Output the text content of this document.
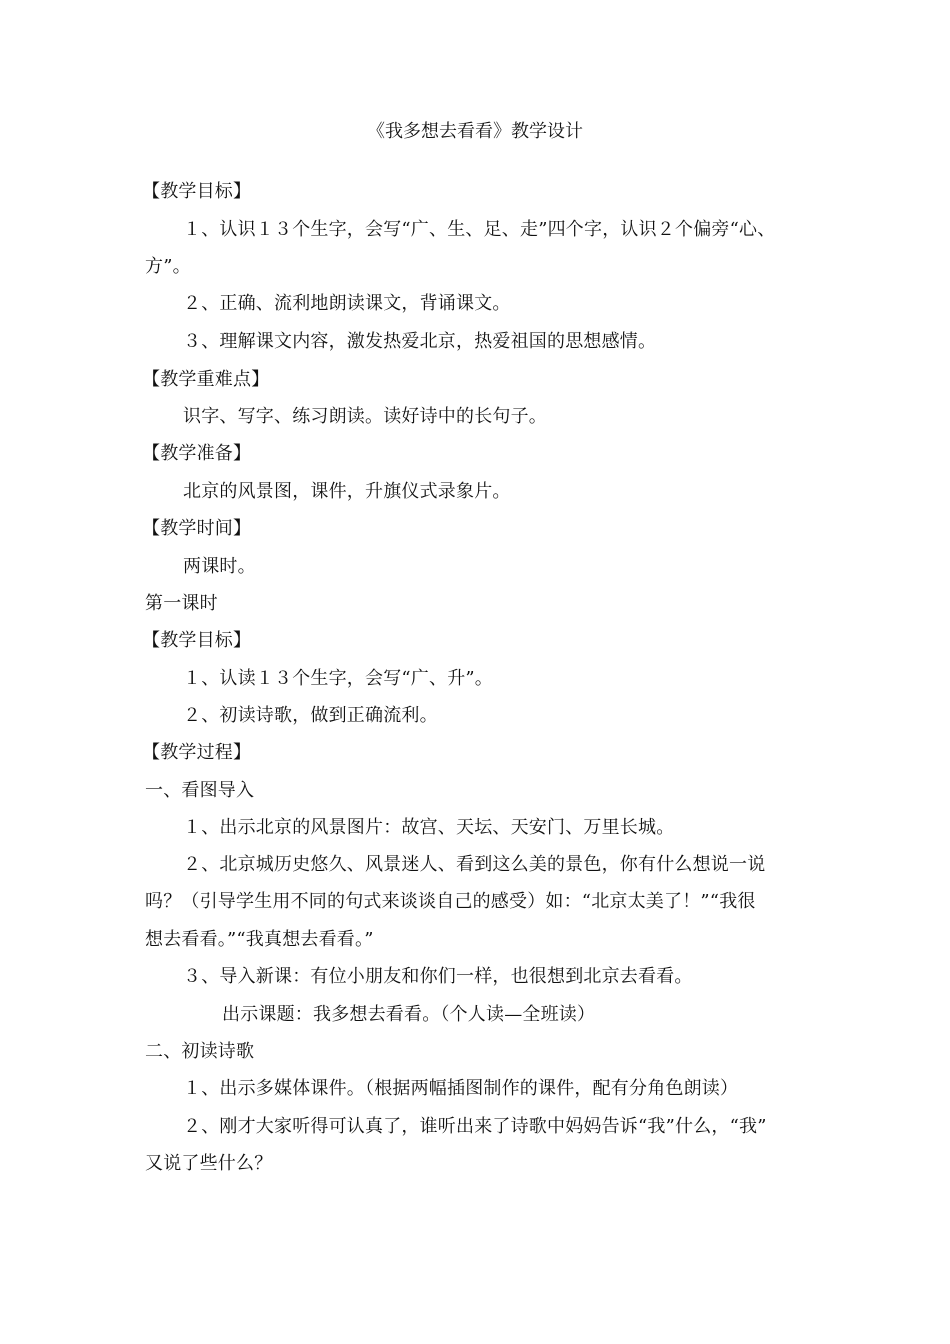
《我多想去看看》教学设计
【教学目标】
１、认识１３个生字，会写“广、生、足、走”四个字，认识２个偏旁“心、
方”。
２、正确、流利地朗读课文，背诵课文。
３、理解课文内容，激发热爱北京，热爱祖国的思想感情。
【教学重难点】
识字、写字、练习朗读。读好诗中的长句子。
【教学准备】
北京的风景图，课件，升旗仪式录象片。
【教学时间】
两课时。
第一课时
【教学目标】
１、认读１３个生字，会写“广、升”。
２、初读诗歌，做到正确流利。
【教学过程】
一、看图导入
１、出示北京的风景图片：故宫、天坛、天安门、万里长城。
２、北京城历史悠久、风景迷人、看到这么美的景色，你有什么想说一说
吗？（引导学生用不同的句式来谈谈自己的感受）如：“北京太美了！”“我很
想去看看。”“我真想去看看。”
３、导入新课：有位小朋友和你们一样，也很想到北京去看看。
出示课题：我多想去看看。（个人读—全班读）
二、初读诗歌
１、出示多媒体课件。（根据两幅插图制作的课件，配有分角色朗读）
２、刚才大家听得可认真了，谁听出来了诗歌中妈妈告诉“我”什么，“我”
又说了些什么？
